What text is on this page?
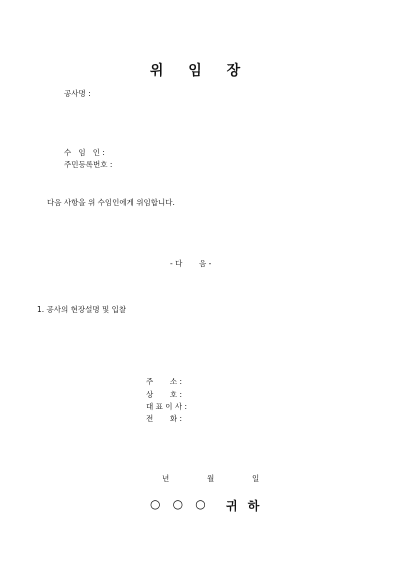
위 임 장
공사명 :
수   임   인 :
주민등록번호 :
다음 사항을 위 수임인에게 위임합니다.
- 다       음 -
1. 공사의 현장설명 및 입찰
주       소 :
상       호 :
대 표 이 사 :
전       화 :
년	월	일
○ ○ ○ 귀 하
